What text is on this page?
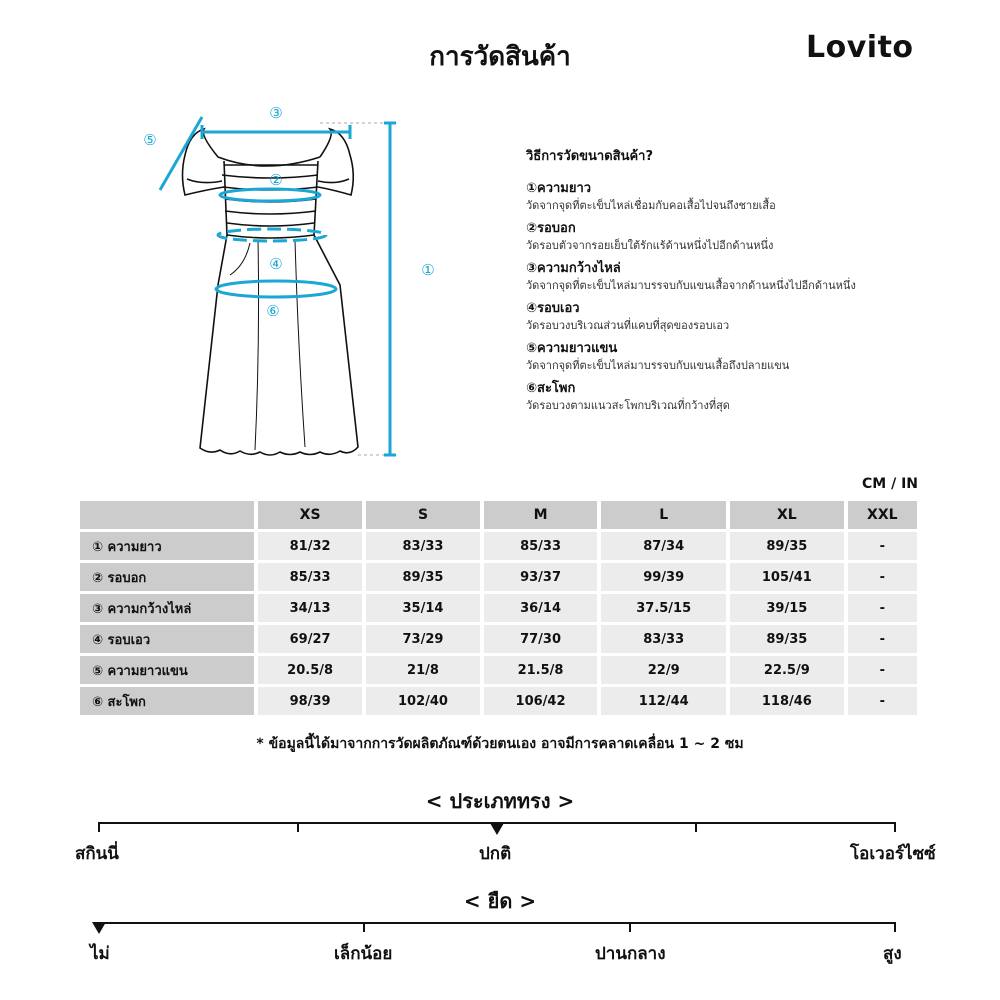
การวัดสินค้า	Lovito
③
②
④
⑥
⑤
①
วิธีการวัดขนาดสินค้า?
①ความยาว
วัดจากจุดที่ตะเข็บไหล่เชื่อมกับคอเสื้อไปจนถึงชายเสื้อ
②รอบอก
วัดรอบตัวจากรอยเย็บใต้รักแร้ด้านหนึ่งไปอีกด้านหนึ่ง
③ความกว้างไหล่
วัดจากจุดที่ตะเข็บไหล่มาบรรจบกับแขนเสื้อจากด้านหนึ่งไปอีกด้านหนึ่ง
④รอบเอว
วัดรอบวงบริเวณส่วนที่แคบที่สุดของรอบเอว
⑤ความยาวแขน
วัดจากจุดที่ตะเข็บไหล่มาบรรจบกับแขนเสื้อถึงปลายแขน
⑥สะโพก
วัดรอบวงตามแนวสะโพกบริเวณที่กว้างที่สุด
CM / IN
	XS	S	M	L	XL	XXL
① ความยาว	81/32	83/33	85/33	87/34	89/35	-
② รอบอก	85/33	89/35	93/37	99/39	105/41	-
③ ความกว้างไหล่	34/13	35/14	36/14	37.5/15	39/15	-
④ รอบเอว	69/27	73/29	77/30	83/33	89/35	-
⑤ ความยาวแขน	20.5/8	21/8	21.5/8	22/9	22.5/9	-
⑥ สะโพก	98/39	102/40	106/42	112/44	118/46	-
* ข้อมูลนี้ได้มาจากการวัดผลิตภัณฑ์ด้วยตนเอง อาจมีการคลาดเคลื่อน 1 ~ 2 ซม
< ประเภททรง >
สกินนี่	ปกติ	โอเวอร์ไซซ์
< ยืด >
ไม่	เล็กน้อย	ปานกลาง	สูง
